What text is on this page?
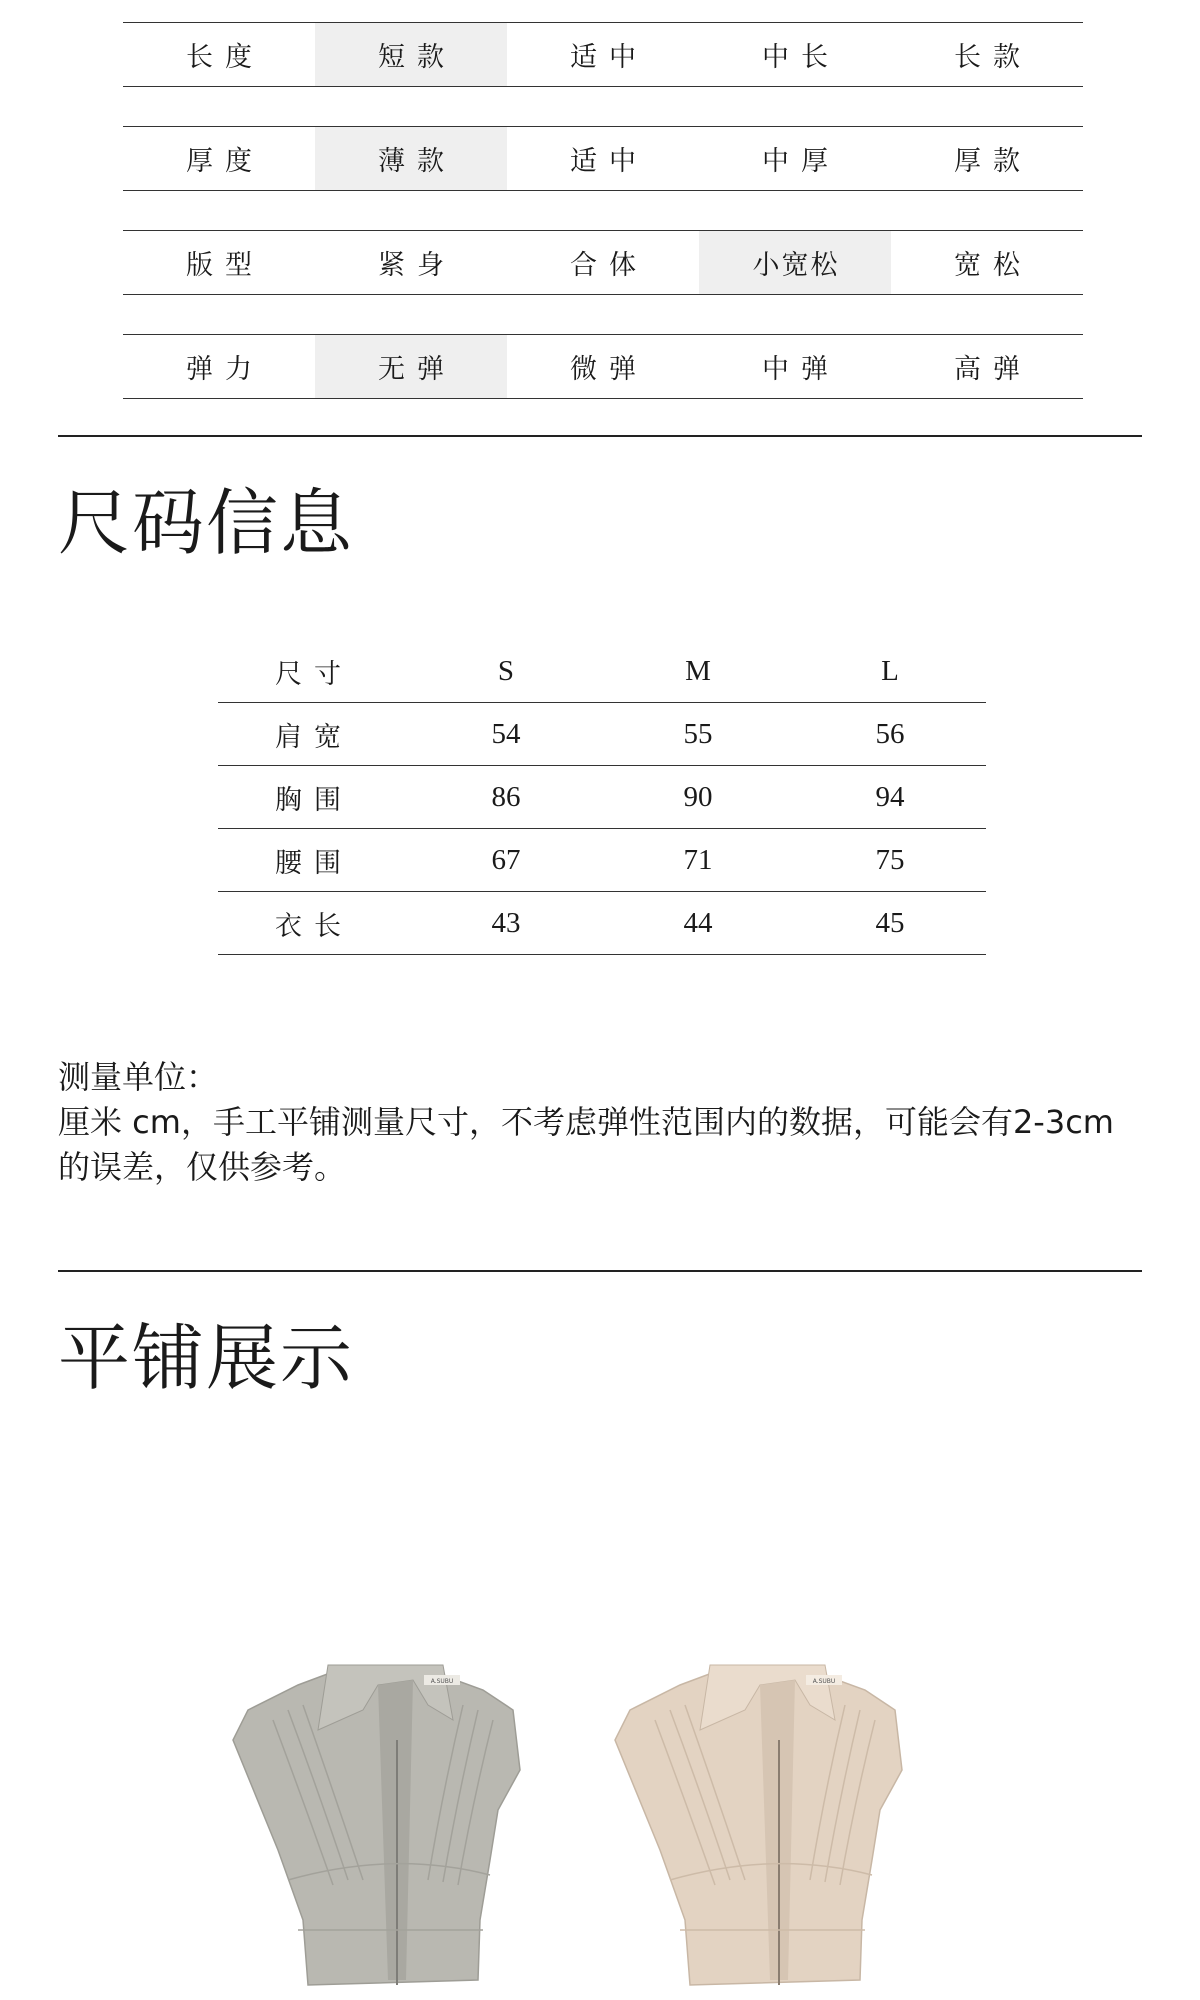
长度	短款	适中	中长	长款
厚度	薄款	适中	中厚	厚款
版型	紧身	合体	小宽松	宽松
弹力	无弹	微弹	中弹	高弹
尺码信息
尺寸	S	M	L
肩宽	54	55	56
胸围	86	90	94
腰围	67	71	75
衣长	43	44	45

测量单位：

厘米 cm，手工平铺测量尺寸，不考虑弹性范围内的数据，可能会有2-3cm 的误差，仅供参考。

平铺展示
A.SUBU	A.SUBU
